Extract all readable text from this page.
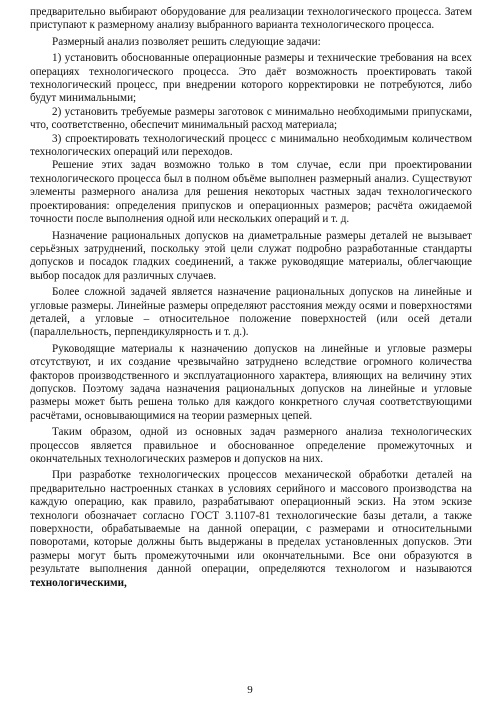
предварительно выбирают оборудование для реализации технологического процесса. Затем приступают к размерному анализу выбранного варианта технологического процесса.

Размерный анализ позволяет решить следующие задачи:

1) установить обоснованные операционные размеры и технические требования на всех операциях технологического процесса. Это даёт возможность проектировать такой технологический процесс, при внедрении которого корректировки не потребуются, либо будут минимальными;

2) установить требуемые размеры заготовок с минимально необходимыми припусками, что, соответственно, обеспечит минимальный расход материала;

3) спроектировать технологический процесс с минимально необходимым количеством технологических операций или переходов.

Решение этих задач возможно только в том случае, если при проектировании технологического процесса был в полном объёме выполнен размерный анализ. Существуют элементы размерного анализа для решения некоторых частных задач технологического проектирования: определения припусков и операционных размеров; расчёта ожидаемой точности после выполнения одной или нескольких операций и т. д.

Назначение рациональных допусков на диаметральные размеры деталей не вызывает серьёзных затруднений, поскольку этой цели служат подробно разработанные стандарты допусков и посадок гладких соединений, а также руководящие материалы, облегчающие выбор посадок для различных случаев.

Более сложной задачей является назначение рациональных допусков на линейные и угловые размеры. Линейные размеры определяют расстояния между осями и поверхностями деталей, а угловые – относительное положение поверхностей (или осей детали (параллельность, перпендикулярность и т. д.).

Руководящие материалы к назначению допусков на линейные и угловые размеры отсутствуют, и их создание чрезвычайно затруднено вследствие огромного количества факторов производственного и эксплуатационного характера, влияющих на величину этих допусков. Поэтому задача назначения рациональных допусков на линейные и угловые размеры может быть решена только для каждого конкретного случая соответствующими расчётами, основывающимися на теории размерных цепей.

Таким образом, одной из основных задач размерного анализа технологических процессов является правильное и обоснованное определение промежуточных и окончательных технологических размеров и допусков на них.

При разработке технологических процессов механической обработки деталей на предварительно настроенных станках в условиях серийного и массового производства на каждую операцию, как правило, разрабатывают операционный эскиз. На этом эскизе технологи обозначает согласно ГОСТ 3.1107-81 технологические базы детали, а также поверхности, обрабатываемые на данной операции, с размерами и относительными поворотами, которые должны быть выдержаны в пределах установленных допусков. Эти размеры могут быть промежуточными или окончательными. Все они образуются в результате выполнения данной операции, определяются технологом и называются технологическими,

9
